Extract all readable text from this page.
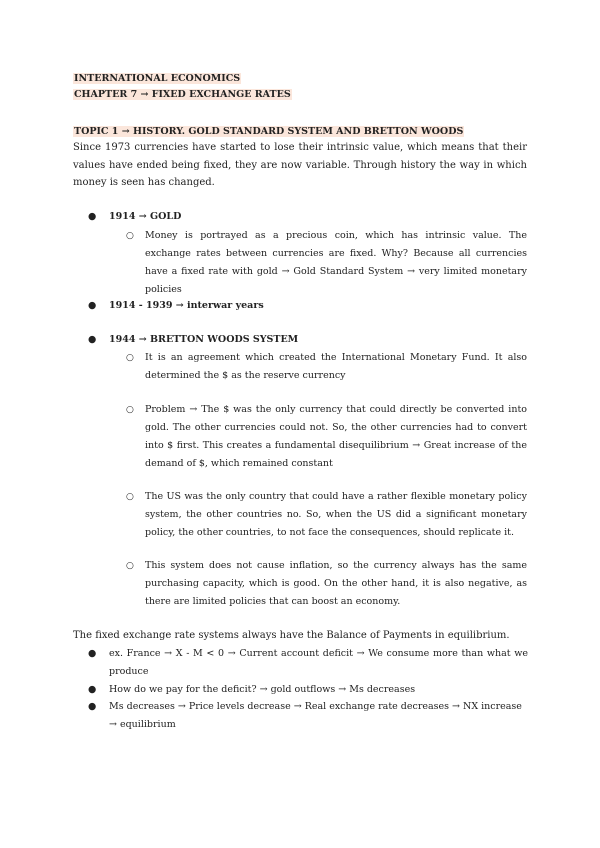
INTERNATIONAL ECONOMICS
CHAPTER 7 → FIXED EXCHANGE RATES
TOPIC 1 → HISTORY. GOLD STANDARD SYSTEM AND BRETTON WOODS
Since 1973 currencies have started to lose their intrinsic value, which means that their values have ended being fixed, they are now variable. Through history the way in which money is seen has changed.
●	1914 → GOLD
○ Money is portrayed as a precious coin, which has intrinsic value. The exchange rates between currencies are fixed. Why? Because all currencies have a fixed rate with gold → Gold Standard System → very limited monetary policies
●	1914 - 1939 → interwar years
●	1944 → BRETTON WOODS SYSTEM
○ It is an agreement which created the International Monetary Fund. It also determined the $ as the reserve currency
○ Problem → The $ was the only currency that could directly be converted into gold. The other currencies could not. So, the other currencies had to convert into $ first. This creates a fundamental disequilibrium → Great increase of the demand of $, which remained constant
○ The US was the only country that could have a rather flexible monetary policy system, the other countries no. So, when the US did a significant monetary policy, the other countries, to not face the consequences, should replicate it.
○ This system does not cause inflation, so the currency always has the same purchasing capacity, which is good. On the other hand, it is also negative, as there are limited policies that can boost an economy.
The fixed exchange rate systems always have the Balance of Payments in equilibrium.
●	ex. France → X - M < 0 → Current account deficit → We consume more than what we produce
●	How do we pay for the deficit? → gold outflows → Ms decreases
●	Ms decreases → Price levels decrease → Real exchange rate decreases → NX increase → equilibrium
